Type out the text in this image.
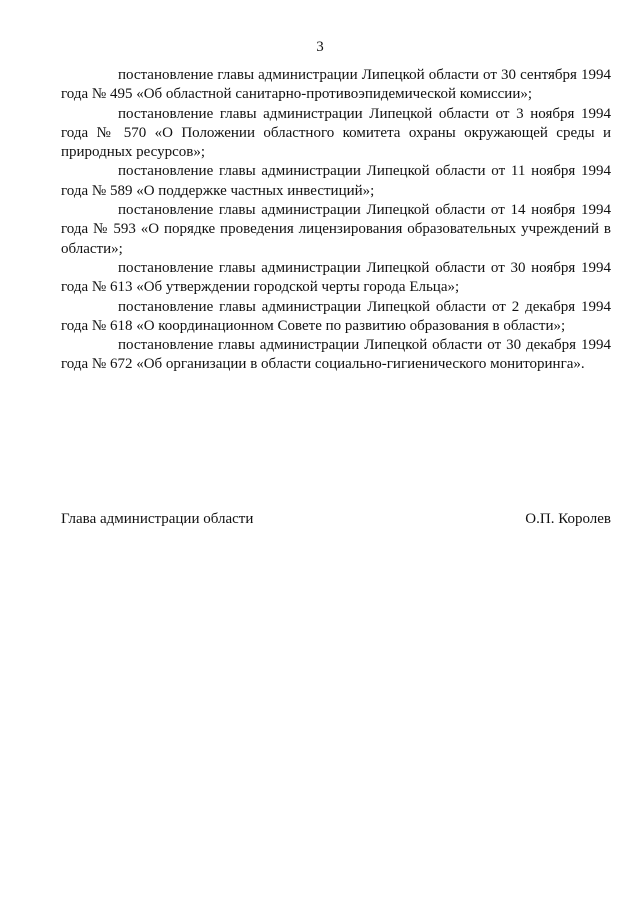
3

постановление главы администрации Липецкой области от 30 сентября 1994 года № 495 «Об областной санитарно-противоэпидемической комиссии»;

постановление главы администрации Липецкой области от 3 ноября 1994 года № 570 «О Положении областного комитета охраны окружающей среды и природных ресурсов»;

постановление главы администрации Липецкой области от 11 ноября 1994 года № 589 «О поддержке частных инвестиций»;

постановление главы администрации Липецкой области от 14 ноября 1994 года № 593 «О порядке проведения лицензирования образовательных учреждений в области»;

постановление главы администрации Липецкой области от 30 ноября 1994 года № 613 «Об утверждении городской черты города Ельца»;

постановление главы администрации Липецкой области от 2 декабря 1994 года № 618 «О координационном Совете по развитию образования в области»;

постановление главы администрации Липецкой области от 30 декабря 1994 года № 672 «Об организации в области социально-гигиенического мониторинга».

Глава администрации области	О.П. Королев
